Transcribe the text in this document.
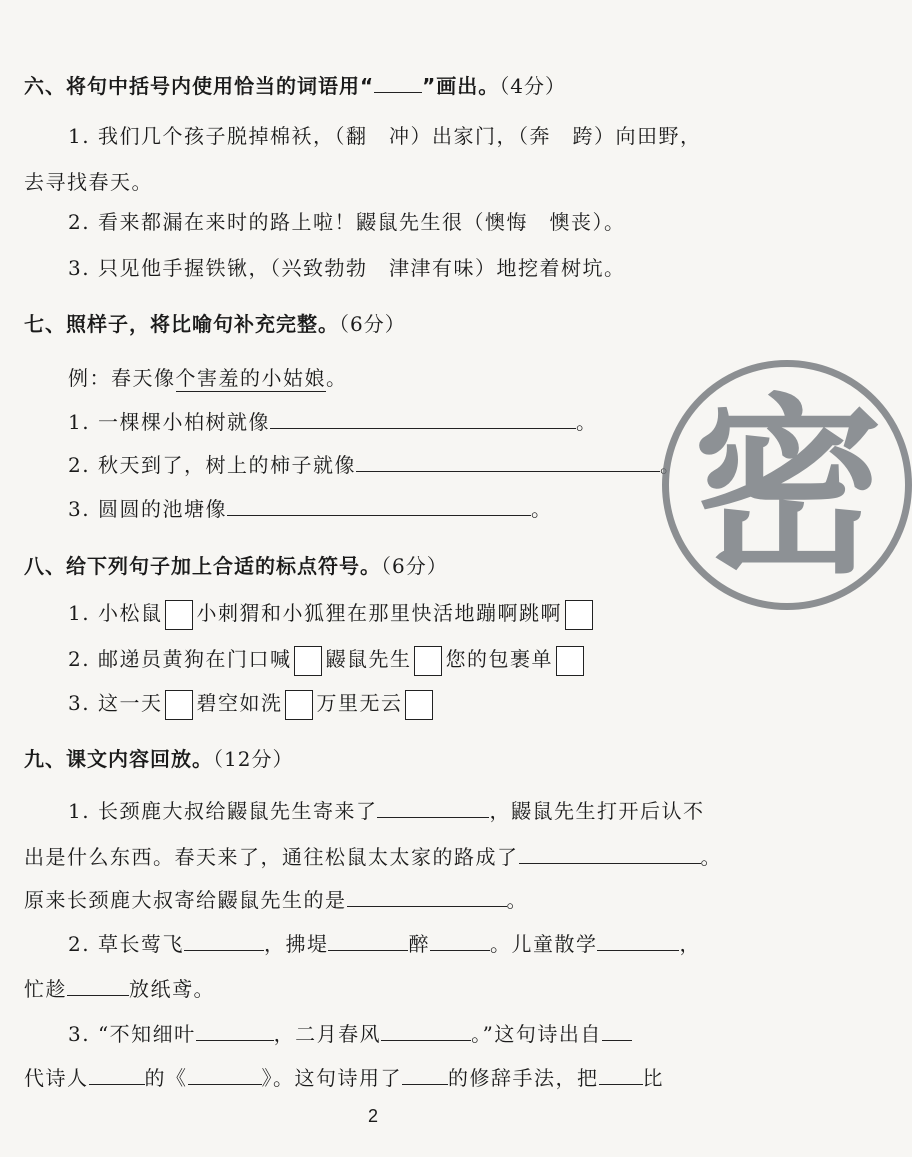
六、将句中括号内使用恰当的词语用“ ”画出。（4分）
1. 我们几个孩子脱掉棉袄，（翻　冲）出家门，（奔　跨）向田野，
去寻找春天。
2. 看来都漏在来时的路上啦！鼹鼠先生很（懊悔　懊丧）。
3. 只见他手握铁锹，（兴致勃勃　津津有味）地挖着树坑。
七、照样子，将比喻句补充完整。（6分）
例：春天像个害羞的小姑娘。
1. 一棵棵小柏树就像	。
2. 秋天到了，树上的柿子就像	。
3. 圆圆的池塘像	。
八、给下列句子加上合适的标点符号。（6分）
1. 小松鼠 小刺猬和小狐狸在那里快活地蹦啊跳啊
2. 邮递员黄狗在门口喊 鼹鼠先生 您的包裹单
3. 这一天 碧空如洗 万里无云
九、课文内容回放。（12分）
1. 长颈鹿大叔给鼹鼠先生寄来了	，鼹鼠先生打开后认不
出是什么东西。春天来了，通往松鼠太太家的路成了	。
原来长颈鹿大叔寄给鼹鼠先生的是	。
2. 草长莺飞	，拂堤	醉	。儿童散学	，
忙趁	放纸鸢。
3. “不知细叶	，二月春风	。”这句诗出自
代诗人	的《	》。这句诗用了 的修辞手法，把 比
密
2
